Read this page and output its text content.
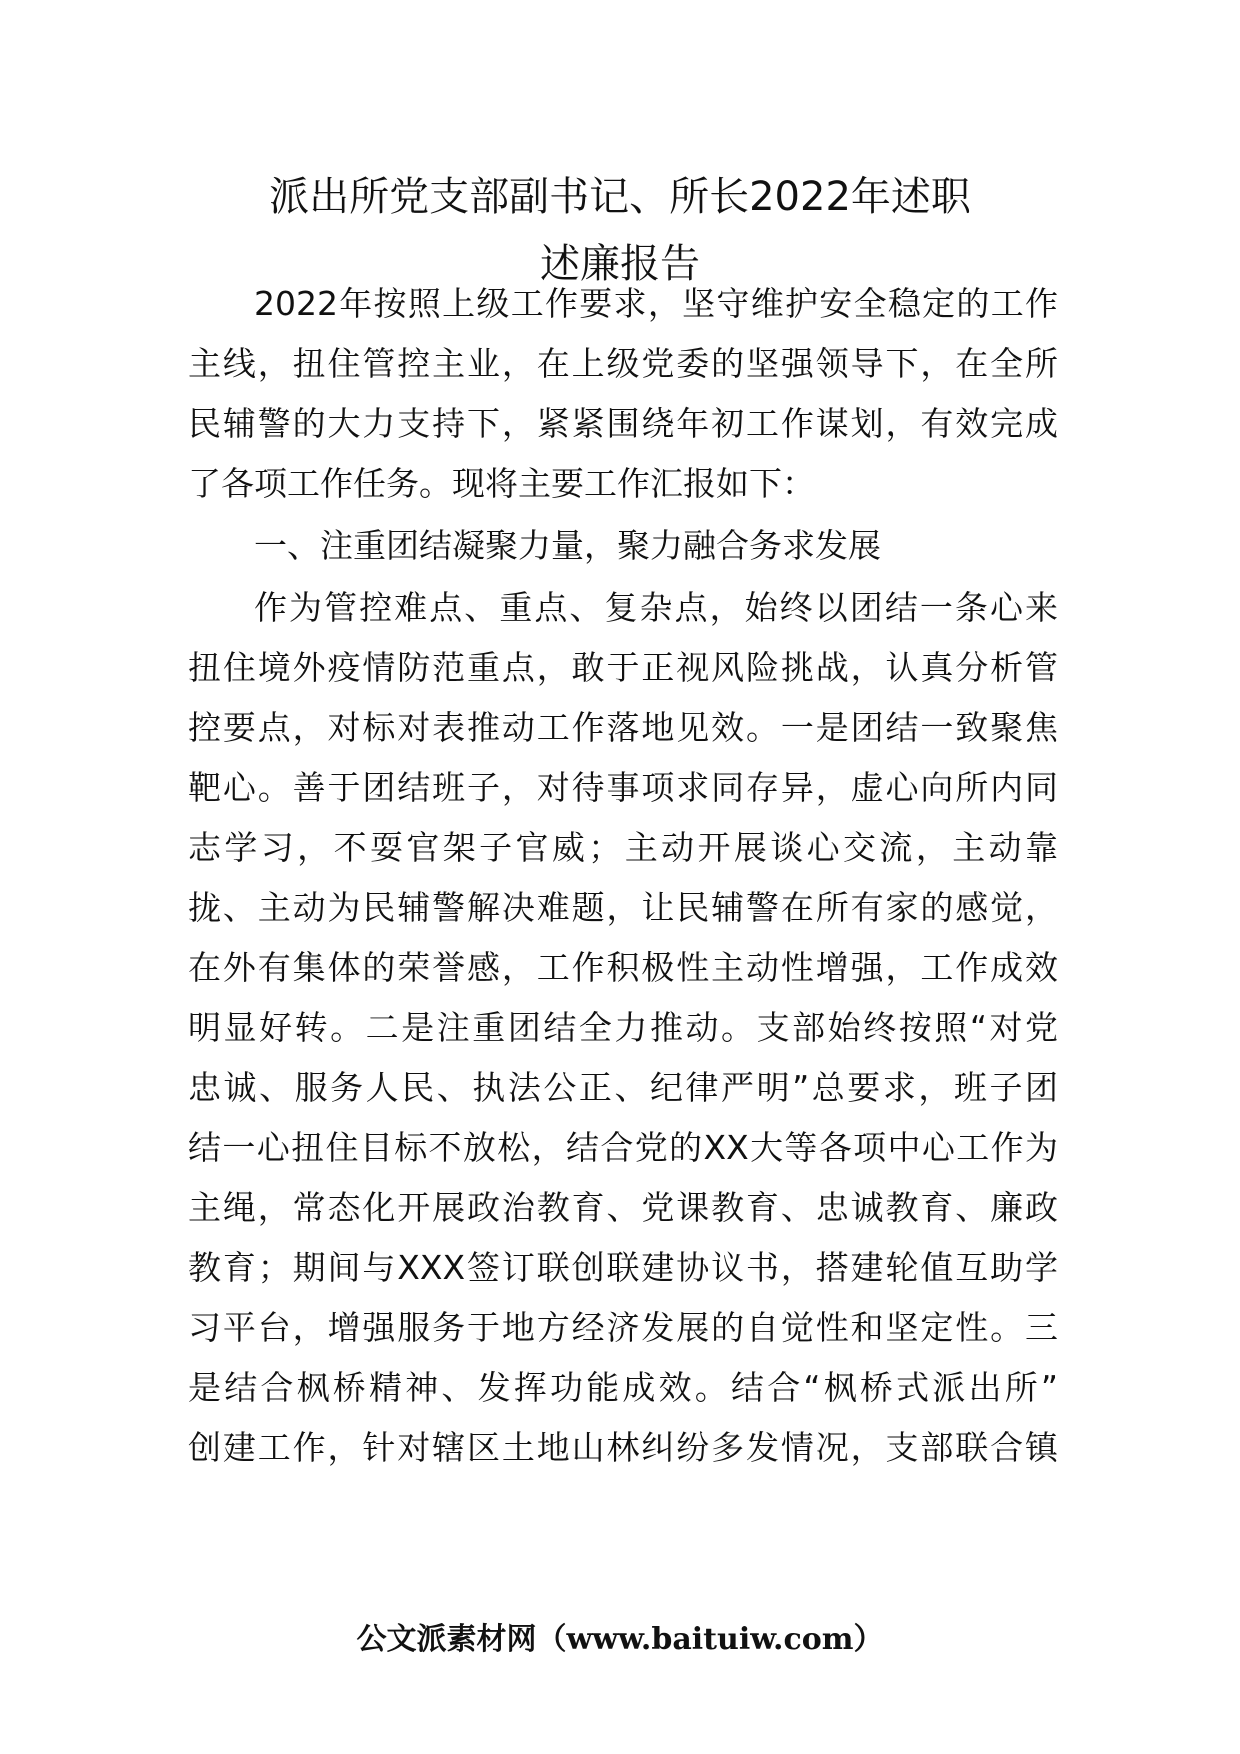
派出所党支部副书记、所长2022年述职
述廉报告

2022年按照上级工作要求，坚守维护安全稳定的工作

主线，扭住管控主业，在上级党委的坚强领导下，在全所

民辅警的大力支持下，紧紧围绕年初工作谋划，有效完成

了各项工作任务。现将主要工作汇报如下：

一、注重团结凝聚力量，聚力融合务求发展

作为管控难点、重点、复杂点，始终以团结一条心来

扭住境外疫情防范重点，敢于正视风险挑战，认真分析管

控要点，对标对表推动工作落地见效。一是团结一致聚焦

靶心。善于团结班子，对待事项求同存异，虚心向所内同

志学习，不耍官架子官威；主动开展谈心交流，主动靠

拢、主动为民辅警解决难题，让民辅警在所有家的感觉，

在外有集体的荣誉感，工作积极性主动性增强，工作成效

明显好转。二是注重团结全力推动。支部始终按照“对党

忠诚、服务人民、执法公正、纪律严明”总要求，班子团

结一心扭住目标不放松，结合党的XX大等各项中心工作为

主绳，常态化开展政治教育、党课教育、忠诚教育、廉政

教育；期间与XXX签订联创联建协议书，搭建轮值互助学

习平台，增强服务于地方经济发展的自觉性和坚定性。三

是结合枫桥精神、发挥功能成效。结合“枫桥式派出所”

创建工作，针对辖区土地山林纠纷多发情况，支部联合镇

公文派素材网（www.baituiw.com）
